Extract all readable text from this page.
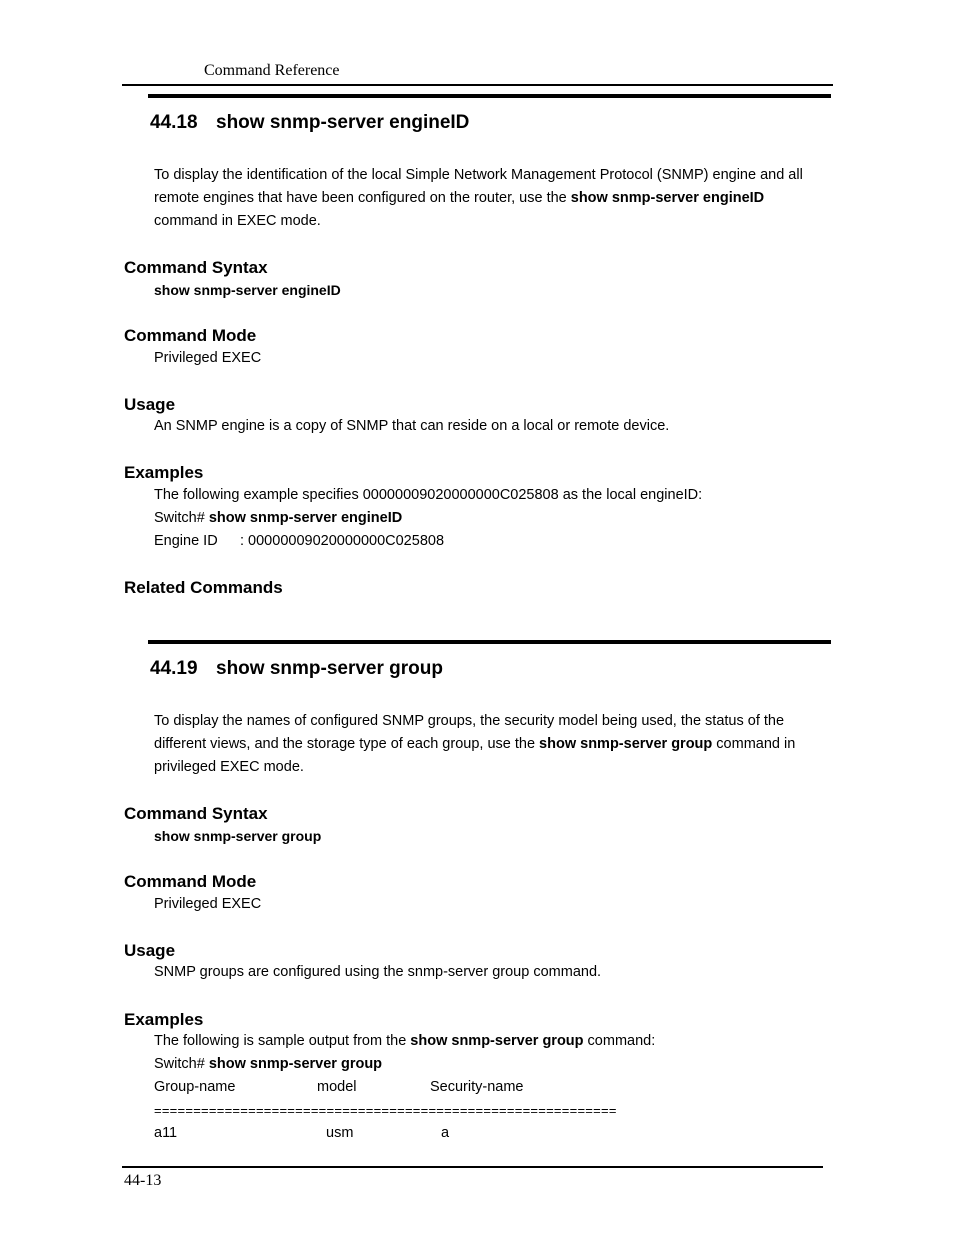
Command Reference
44.18 show snmp-server engineID
To display the identification of the local Simple Network Management Protocol (SNMP) engine and all remote engines that have been configured on the router, use the show snmp-server engineID command in EXEC mode.
Command Syntax
show snmp-server engineID
Command Mode
Privileged EXEC
Usage
An SNMP engine is a copy of SNMP that can reside on a local or remote device.
Examples
The following example specifies 00000009020000000C025808 as the local engineID:
Switch# show snmp-server engineID
Engine ID : 00000009020000000C025808
Related Commands
44.19 show snmp-server group
To display the names of configured SNMP groups, the security model being used, the status of the different views, and the storage type of each group, use the show snmp-server group command in privileged EXEC mode.
Command Syntax
show snmp-server group
Command Mode
Privileged EXEC
Usage
SNMP groups are configured using the snmp-server group command.
Examples
The following is sample output from the show snmp-server group command:
Switch# show snmp-server group
Group-name	model	Security-name
===========================================================
a11	usm	a
44-13
